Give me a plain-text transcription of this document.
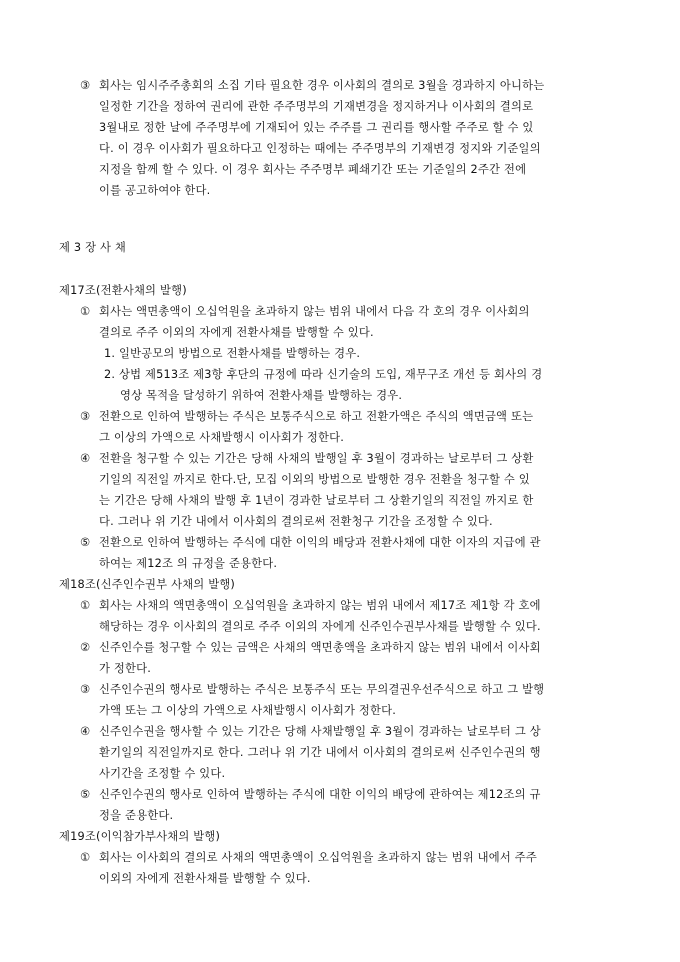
③ 회사는 임시주주총회의 소집 기타 필요한 경우 이사회의 결의로 3월을 경과하지 아니하는
일정한 기간을 정하여 권리에 관한 주주명부의 기재변경을 정지하거나 이사회의 결의로
3월내로 정한 날에 주주명부에 기재되어 있는 주주를 그 권리를 행사할 주주로 할 수 있
다. 이 경우 이사회가 필요하다고 인정하는 때에는 주주명부의 기재변경 정지와 기준일의
지정을 함께 할 수 있다. 이 경우 회사는 주주명부 폐쇄기간 또는 기준일의 2주간 전에
이를 공고하여야 한다.
제 3 장 사 채
제17조(전환사채의 발행)
① 회사는 액면총액이 오십억원을 초과하지 않는 범위 내에서 다음 각 호의 경우 이사회의
결의로 주주 이외의 자에게 전환사채를 발행할 수 있다.
1. 일반공모의 방법으로 전환사채를 발행하는 경우.
2. 상법 제513조 제3항 후단의 규정에 따라 신기술의 도입, 재무구조 개선 등 회사의 경
영상 목적을 달성하기 위하여 전환사채를 발행하는 경우.
③ 전환으로 인하여 발행하는 주식은 보통주식으로 하고 전환가액은 주식의 액면금액 또는
그 이상의 가액으로 사채발행시 이사회가 정한다.
④ 전환을 청구할 수 있는 기간은 당해 사채의 발행일 후 3월이 경과하는 날로부터 그 상환
기일의 직전일 까지로 한다.단, 모집 이외의 방법으로 발행한 경우 전환을 청구할 수 있
는 기간은 당해 사채의 발행 후 1년이 경과한 날로부터 그 상환기일의 직전일 까지로 한
다. 그러나 위 기간 내에서 이사회의 결의로써 전환청구 기간을 조정할 수 있다.
⑤ 전환으로 인하여 발행하는 주식에 대한 이익의 배당과 전환사채에 대한 이자의 지급에 관
하여는 제12조 의 규정을 준용한다.
제18조(신주인수권부 사채의 발행)
① 회사는 사채의 액면총액이 오십억원을 초과하지 않는 범위 내에서 제17조 제1항 각 호에
해당하는 경우 이사회의 결의로 주주 이외의 자에게 신주인수권부사채를 발행할 수 있다.
② 신주인수를 청구할 수 있는 금액은 사채의 액면총액을 초과하지 않는 범위 내에서 이사회
가 정한다.
③ 신주인수권의 행사로 발행하는 주식은 보통주식 또는 무의결권우선주식으로 하고 그 발행
가액 또는 그 이상의 가액으로 사채발행시 이사회가 정한다.
④ 신주인수권을 행사할 수 있는 기간은 당해 사채발행일 후 3월이 경과하는 날로부터 그 상
환기일의 직전일까지로 한다. 그러나 위 기간 내에서 이사회의 결의로써 신주인수권의 행
사기간을 조정할 수 있다.
⑤ 신주인수권의 행사로 인하여 발행하는 주식에 대한 이익의 배당에 관하여는 제12조의 규
정을 준용한다.
제19조(이익참가부사채의 발행)
① 회사는 이사회의 결의로 사채의 액면총액이 오십억원을 초과하지 않는 범위 내에서 주주
이외의 자에게 전환사채를 발행할 수 있다.
